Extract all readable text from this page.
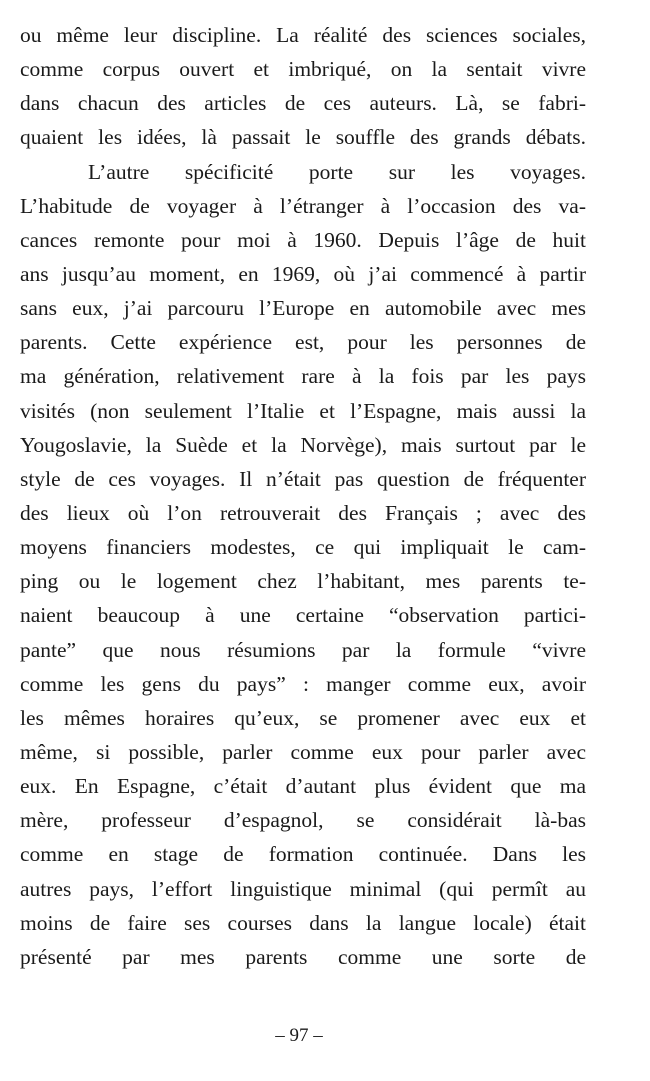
ou même leur discipline. La réalité des sciences sociales,
comme corpus ouvert et imbriqué, on la sentait vivre
dans chacun des articles de ces auteurs. Là, se fabri-
quaient les idées, là passait le souffle des grands débats.
L’autre spécificité porte sur les voyages.
L’habitude de voyager à l’étranger à l’occasion des va-
cances remonte pour moi à 1960. Depuis l’âge de huit
ans jusqu’au moment, en 1969, où j’ai commencé à partir
sans eux, j’ai parcouru l’Europe en automobile avec mes
parents. Cette expérience est, pour les personnes de
ma génération, relativement rare à la fois par les pays
visités (non seulement l’Italie et l’Espagne, mais aussi la
Yougoslavie, la Suède et la Norvège), mais surtout par le
style de ces voyages. Il n’était pas question de fréquenter
des lieux où l’on retrouverait des Français ; avec des
moyens financiers modestes, ce qui impliquait le cam-
ping ou le logement chez l’habitant, mes parents te-
naient beaucoup à une certaine “observation partici-
pante” que nous résumions par la formule “vivre
comme les gens du pays” : manger comme eux, avoir
les mêmes horaires qu’eux, se promener avec eux et
même, si possible, parler comme eux pour parler avec
eux. En Espagne, c’était d’autant plus évident que ma
mère, professeur d’espagnol, se considérait là-bas
comme en stage de formation continuée. Dans les
autres pays, l’effort linguistique minimal (qui permît au
moins de faire ses courses dans la langue locale) était
présenté par mes parents comme une sorte de
– 97 –
